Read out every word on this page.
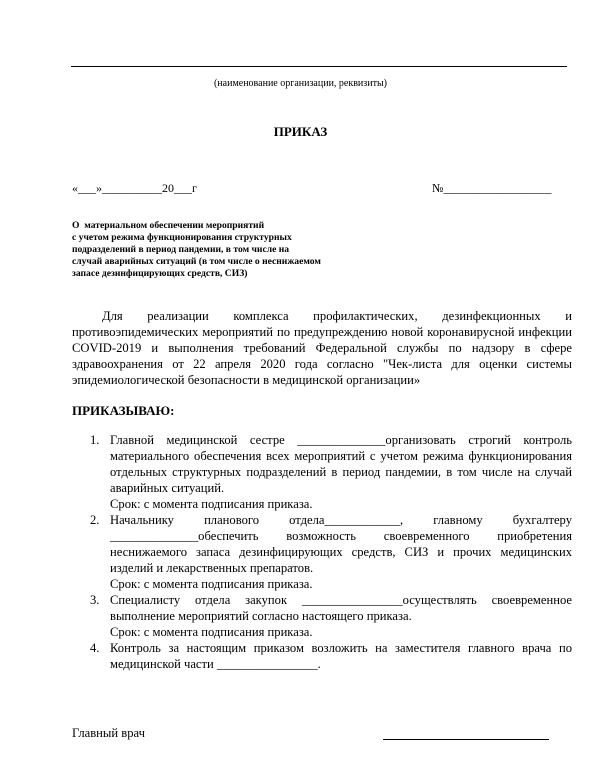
(наименование организации, реквизиты)
ПРИКАЗ
«___»__________20___г	№__________________
О  материальном обеспечении мероприятий
с учетом режима функционирования структурных
подразделений в период пандемии, в том числе на
случай аварийных ситуаций (в том числе о неснижаемом
запасе дезинфицирующих средств, СИЗ)
Для реализации комплекса профилактических, дезинфекционных и противоэпидемических мероприятий по предупреждению новой коронавирусной инфекции COVID-2019 и выполнения требований Федеральной службы по надзору в сфере здравоохранения от 22 апреля 2020 года согласно "Чек-листа для оценки системы эпидемиологической безопасности в медицинской организации»
ПРИКАЗЫВАЮ:
1. Главной медицинской сестре ______________организовать строгий контроль материального обеспечения всех мероприятий с учетом режима функционирования отдельных структурных подразделений в период пандемии, в том числе на случай аварийных ситуаций.
Срок: с момента подписания приказа.
2. Начальнику планового отдела____________, главному бухгалтеру ______________обеспечить возможность своевременного приобретения неснижаемого запаса дезинфицирующих средств, СИЗ и прочих медицинских изделий и лекарственных препаратов.
Срок: с момента подписания приказа.
3. Специалисту отдела закупок ________________осуществлять своевременное выполнение мероприятий согласно настоящего приказа.
Срок: с момента подписания приказа.
4. Контроль за настоящим приказом возложить на заместителя главного врача по медицинской части ________________.
Главный врач
